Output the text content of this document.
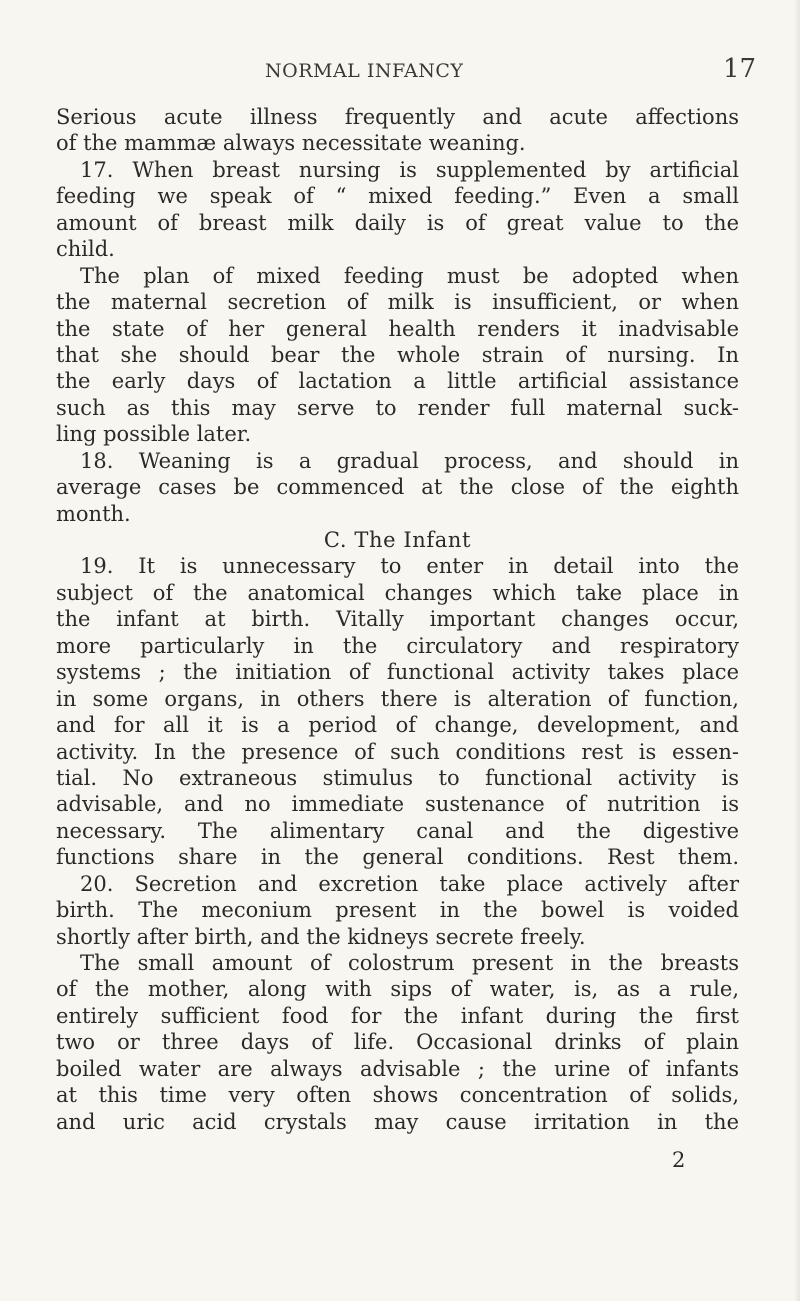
NORMAL INFANCY	17
Serious acute illness frequently and acute affections
of the mammæ always necessitate weaning.
17. When breast nursing is supplemented by artificial
feeding we speak of “ mixed feeding.” Even a small
amount of breast milk daily is of great value to the
child.
The plan of mixed feeding must be adopted when
the maternal secretion of milk is insufficient, or when
the state of her general health renders it inadvisable
that she should bear the whole strain of nursing. In
the early days of lactation a little artificial assistance
such as this may serve to render full maternal suck-
ling possible later.
18. Weaning is a gradual process, and should in
average cases be commenced at the close of the eighth
month.
C. The Infant
19. It is unnecessary to enter in detail into the
subject of the anatomical changes which take place in
the infant at birth. Vitally important changes occur,
more particularly in the circulatory and respiratory
systems ; the initiation of functional activity takes place
in some organs, in others there is alteration of function,
and for all it is a period of change, development, and
activity. In the presence of such conditions rest is essen-
tial. No extraneous stimulus to functional activity is
advisable, and no immediate sustenance of nutrition is
necessary. The alimentary canal and the digestive
functions share in the general conditions. Rest them.
20. Secretion and excretion take place actively after
birth. The meconium present in the bowel is voided
shortly after birth, and the kidneys secrete freely.
The small amount of colostrum present in the breasts
of the mother, along with sips of water, is, as a rule,
entirely sufficient food for the infant during the first
two or three days of life. Occasional drinks of plain
boiled water are always advisable ; the urine of infants
at this time very often shows concentration of solids,
and uric acid crystals may cause irritation in the
2
